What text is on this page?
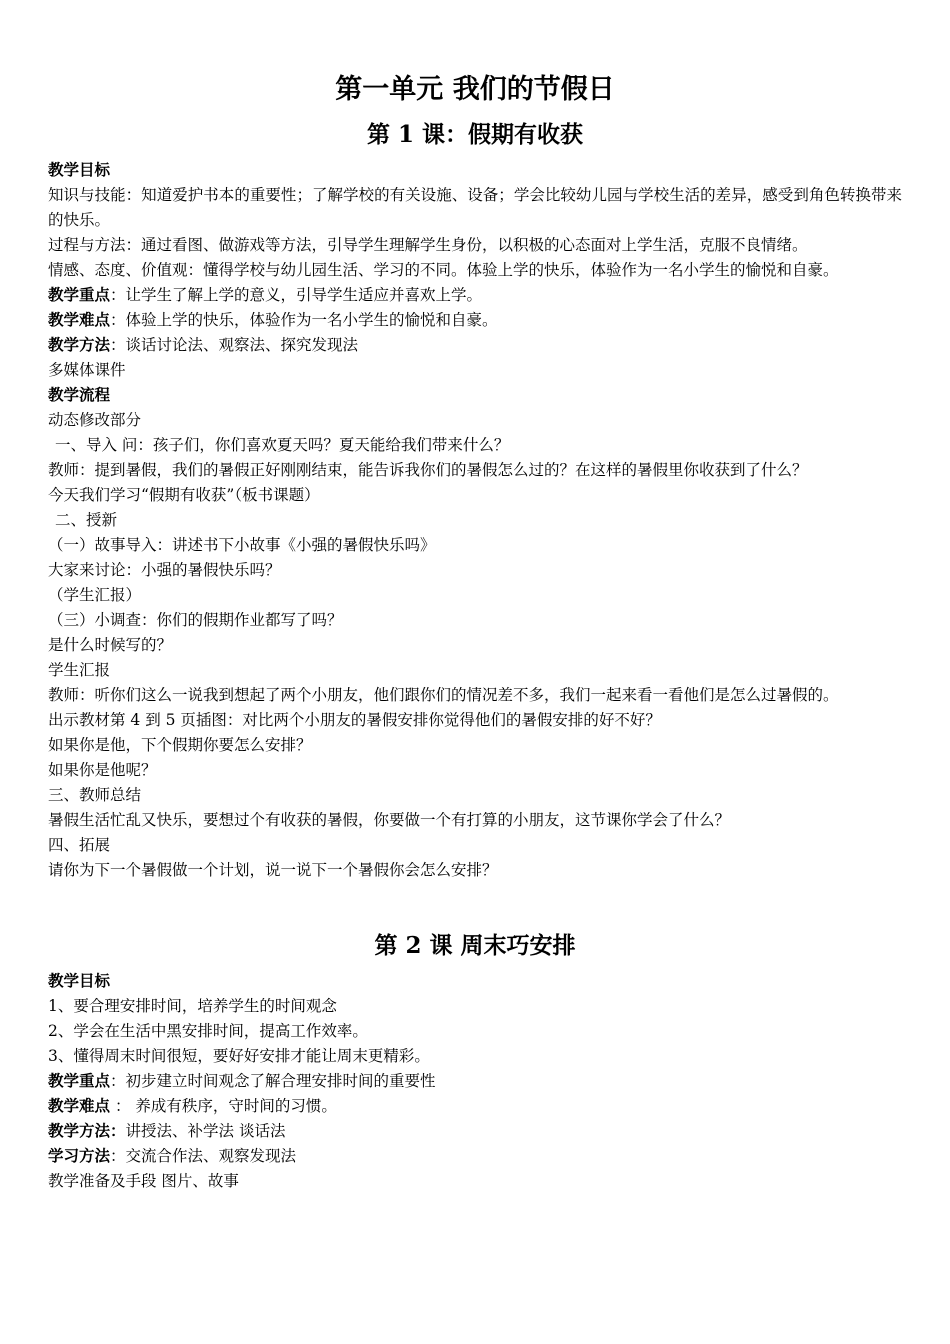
第一单元 我们的节假日
第 1 课：假期有收获

教学目标

知识与技能：知道爱护书本的重要性；了解学校的有关设施、设备；学会比较幼儿园与学校生活的差异，感受到角色转换带来的快乐。

过程与方法：通过看图、做游戏等方法，引导学生理解学生身份，以积极的心态面对上学生活，克服不良情绪。

情感、态度、价值观：懂得学校与幼儿园生活、学习的不同。体验上学的快乐，体验作为一名小学生的愉悦和自豪。

教学重点：让学生了解上学的意义，引导学生适应并喜欢上学。

教学难点：体验上学的快乐，体验作为一名小学生的愉悦和自豪。

教学方法：谈话讨论法、观察法、探究发现法

多媒体课件

教学流程

动态修改部分

一、导入 问：孩子们，你们喜欢夏天吗？夏天能给我们带来什么？

教师：提到暑假，我们的暑假正好刚刚结束，能告诉我你们的暑假怎么过的？在这样的暑假里你收获到了什么？

今天我们学习“假期有收获”（板书课题）

二、授新

（一）故事导入：讲述书下小故事《小强的暑假快乐吗》

大家来讨论：小强的暑假快乐吗？

（学生汇报）

（三）小调查：你们的假期作业都写了吗？

是什么时候写的？

学生汇报

教师：听你们这么一说我到想起了两个小朋友，他们跟你们的情况差不多，我们一起来看一看他们是怎么过暑假的。

出示教材第 4 到 5 页插图：对比两个小朋友的暑假安排你觉得他们的暑假安排的好不好？

如果你是他，下个假期你要怎么安排？

如果你是他呢？

三、教师总结

暑假生活忙乱又快乐，要想过个有收获的暑假，你要做一个有打算的小朋友，这节课你学会了什么？

四、拓展

请你为下一个暑假做一个计划，说一说下一个暑假你会怎么安排？

第 2 课 周末巧安排

教学目标

1、要合理安排时间，培养学生的时间观念

2、学会在生活中黑安排时间，提高工作效率。

3、懂得周末时间很短，要好好安排才能让周末更精彩。

教学重点：初步建立时间观念了解合理安排时间的重要性

教学难点 ： 养成有秩序，守时间的习惯。

教学方法：讲授法、补学法 谈话法

学习方法：交流合作法、观察发现法

教学准备及手段 图片、故事
